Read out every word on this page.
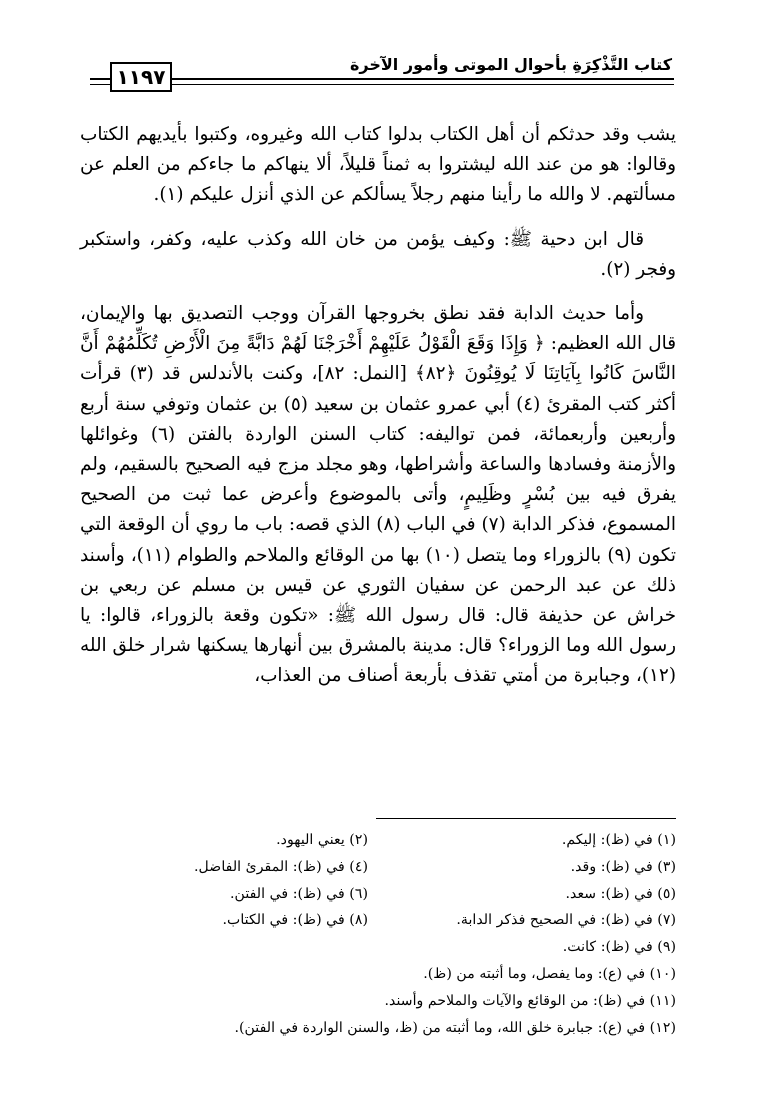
كتاب التَّذْكِرَةِ بأحوال الموتى وأمور الآخرة
١١٩٧

يشب وقد حدثكم أن أهل الكتاب بدلوا كتاب الله وغيروه، وكتبوا بأيديهم الكتاب وقالوا: هو من عند الله ليشتروا به ثمناً قليلاً، ألا ينهاكم ما جاءكم من العلم عن مسألتهم. لا والله ما رأينا منهم رجلاً يسألكم عن الذي أنزل عليكم (١).

قال ابن دحية ﷺ: وكيف يؤمن من خان الله وكذب عليه، وكفر، واستكبر وفجر (٢).

وأما حديث الدابة فقد نطق بخروجها القرآن ووجب التصديق بها والإيمان، قال الله العظيم: ﴿ وَإِذَا وَقَعَ الْقَوْلُ عَلَيْهِمْ أَخْرَجْنَا لَهُمْ دَابَّةً مِنَ الْأَرْضِ تُكَلِّمُهُمْ أَنَّ النَّاسَ كَانُوا بِآيَاتِنَا لَا يُوقِنُونَ ﴿٨٢﴾ [النمل: ٨٢]، وكنت بالأندلس قد (٣) قرأت أكثر كتب المقرئ (٤) أبي عمرو عثمان بن سعيد (٥) بن عثمان وتوفي سنة أربع وأربعين وأربعمائة، فمن تواليفه: كتاب السنن الواردة بالفتن (٦) وغوائلها والأزمنة وفسادها والساعة وأشراطها، وهو مجلد مزج فيه الصحيح بالسقيم، ولم يفرق فيه بين بُسْرٍ وظَلِيمٍ، وأتى بالموضوع وأعرض عما ثبت من الصحيح المسموع، فذكر الدابة (٧) في الباب (٨) الذي قصه: باب ما روي أن الوقعة التي تكون (٩) بالزوراء وما يتصل (١٠) بها من الوقائع والملاحم والطوام (١١)، وأسند ذلك عن عبد الرحمن عن سفيان الثوري عن قيس بن مسلم عن ربعي بن خراش عن حذيفة قال: قال رسول الله ﷺ: «تكون وقعة بالزوراء، قالوا: يا رسول الله وما الزوراء؟ قال: مدينة بالمشرق بين أنهارها يسكنها شرار خلق الله (١٢)، وجبابرة من أمتي تقذف بأربعة أصناف من العذاب،

(١) في (ظ): إليكم.
(٢) يعني اليهود.
(٣) في (ظ): وقد.
(٤) في (ظ): المقرئ الفاضل.
(٥) في (ظ): سعد.
(٦) في (ظ): في الفتن.
(٧) في (ظ): في الصحيح فذكر الدابة.
(٨) في (ظ): في الكتاب.
(٩) في (ظ): كانت.
(١٠) في (ع): وما يفصل، وما أثبته من (ظ).
(١١) في (ظ): من الوقائع والآيات والملاحم وأسند.
(١٢) في (ع): جبابرة خلق الله، وما أثبته من (ظ، والسنن الواردة في الفتن).
